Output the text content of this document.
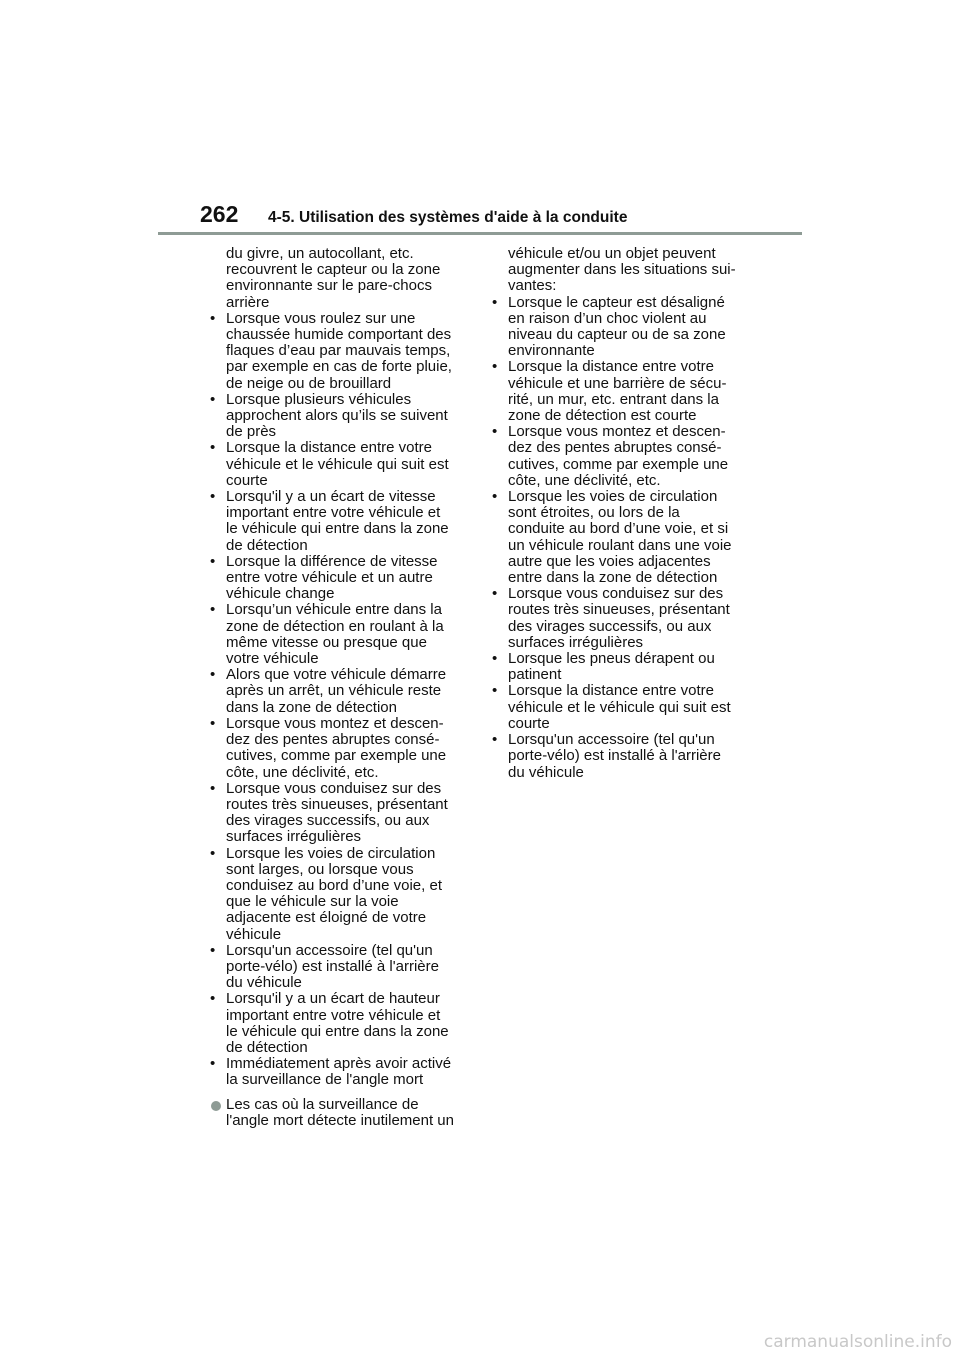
262 4-5. Utilisation des systèmes d'aide à la conduite
du givre, un autocollant, etc.
recouvrent le capteur ou la zone
environnante sur le pare-chocs
arrière
• Lorsque vous roulez sur une
chaussée humide comportant des
flaques d’eau par mauvais temps,
par exemple en cas de forte pluie,
de neige ou de brouillard
• Lorsque plusieurs véhicules
approchent alors qu’ils se suivent
de près
• Lorsque la distance entre votre
véhicule et le véhicule qui suit est
courte
• Lorsqu'il y a un écart de vitesse
important entre votre véhicule et
le véhicule qui entre dans la zone
de détection
• Lorsque la différence de vitesse
entre votre véhicule et un autre
véhicule change
• Lorsqu’un véhicule entre dans la
zone de détection en roulant à la
même vitesse ou presque que
votre véhicule
• Alors que votre véhicule démarre
après un arrêt, un véhicule reste
dans la zone de détection
• Lorsque vous montez et descen-
dez des pentes abruptes consé-
cutives, comme par exemple une
côte, une déclivité, etc.
• Lorsque vous conduisez sur des
routes très sinueuses, présentant
des virages successifs, ou aux
surfaces irrégulières
• Lorsque les voies de circulation
sont larges, ou lorsque vous
conduisez au bord d’une voie, et
que le véhicule sur la voie
adjacente est éloigné de votre
véhicule
• Lorsqu'un accessoire (tel qu'un
porte-vélo) est installé à l'arrière
du véhicule
• Lorsqu'il y a un écart de hauteur
important entre votre véhicule et
le véhicule qui entre dans la zone
de détection
• Immédiatement après avoir activé
la surveillance de l'angle mort
Les cas où la surveillance de
l'angle mort détecte inutilement un
véhicule et/ou un objet peuvent
augmenter dans les situations sui-
vantes:
• Lorsque le capteur est désaligné
en raison d’un choc violent au
niveau du capteur ou de sa zone
environnante
• Lorsque la distance entre votre
véhicule et une barrière de sécu-
rité, un mur, etc. entrant dans la
zone de détection est courte
• Lorsque vous montez et descen-
dez des pentes abruptes consé-
cutives, comme par exemple une
côte, une déclivité, etc.
• Lorsque les voies de circulation
sont étroites, ou lors de la
conduite au bord d’une voie, et si
un véhicule roulant dans une voie
autre que les voies adjacentes
entre dans la zone de détection
• Lorsque vous conduisez sur des
routes très sinueuses, présentant
des virages successifs, ou aux
surfaces irrégulières
• Lorsque les pneus dérapent ou
patinent
• Lorsque la distance entre votre
véhicule et le véhicule qui suit est
courte
• Lorsqu'un accessoire (tel qu'un
porte-vélo) est installé à l'arrière
du véhicule
carmanualsonline.info
